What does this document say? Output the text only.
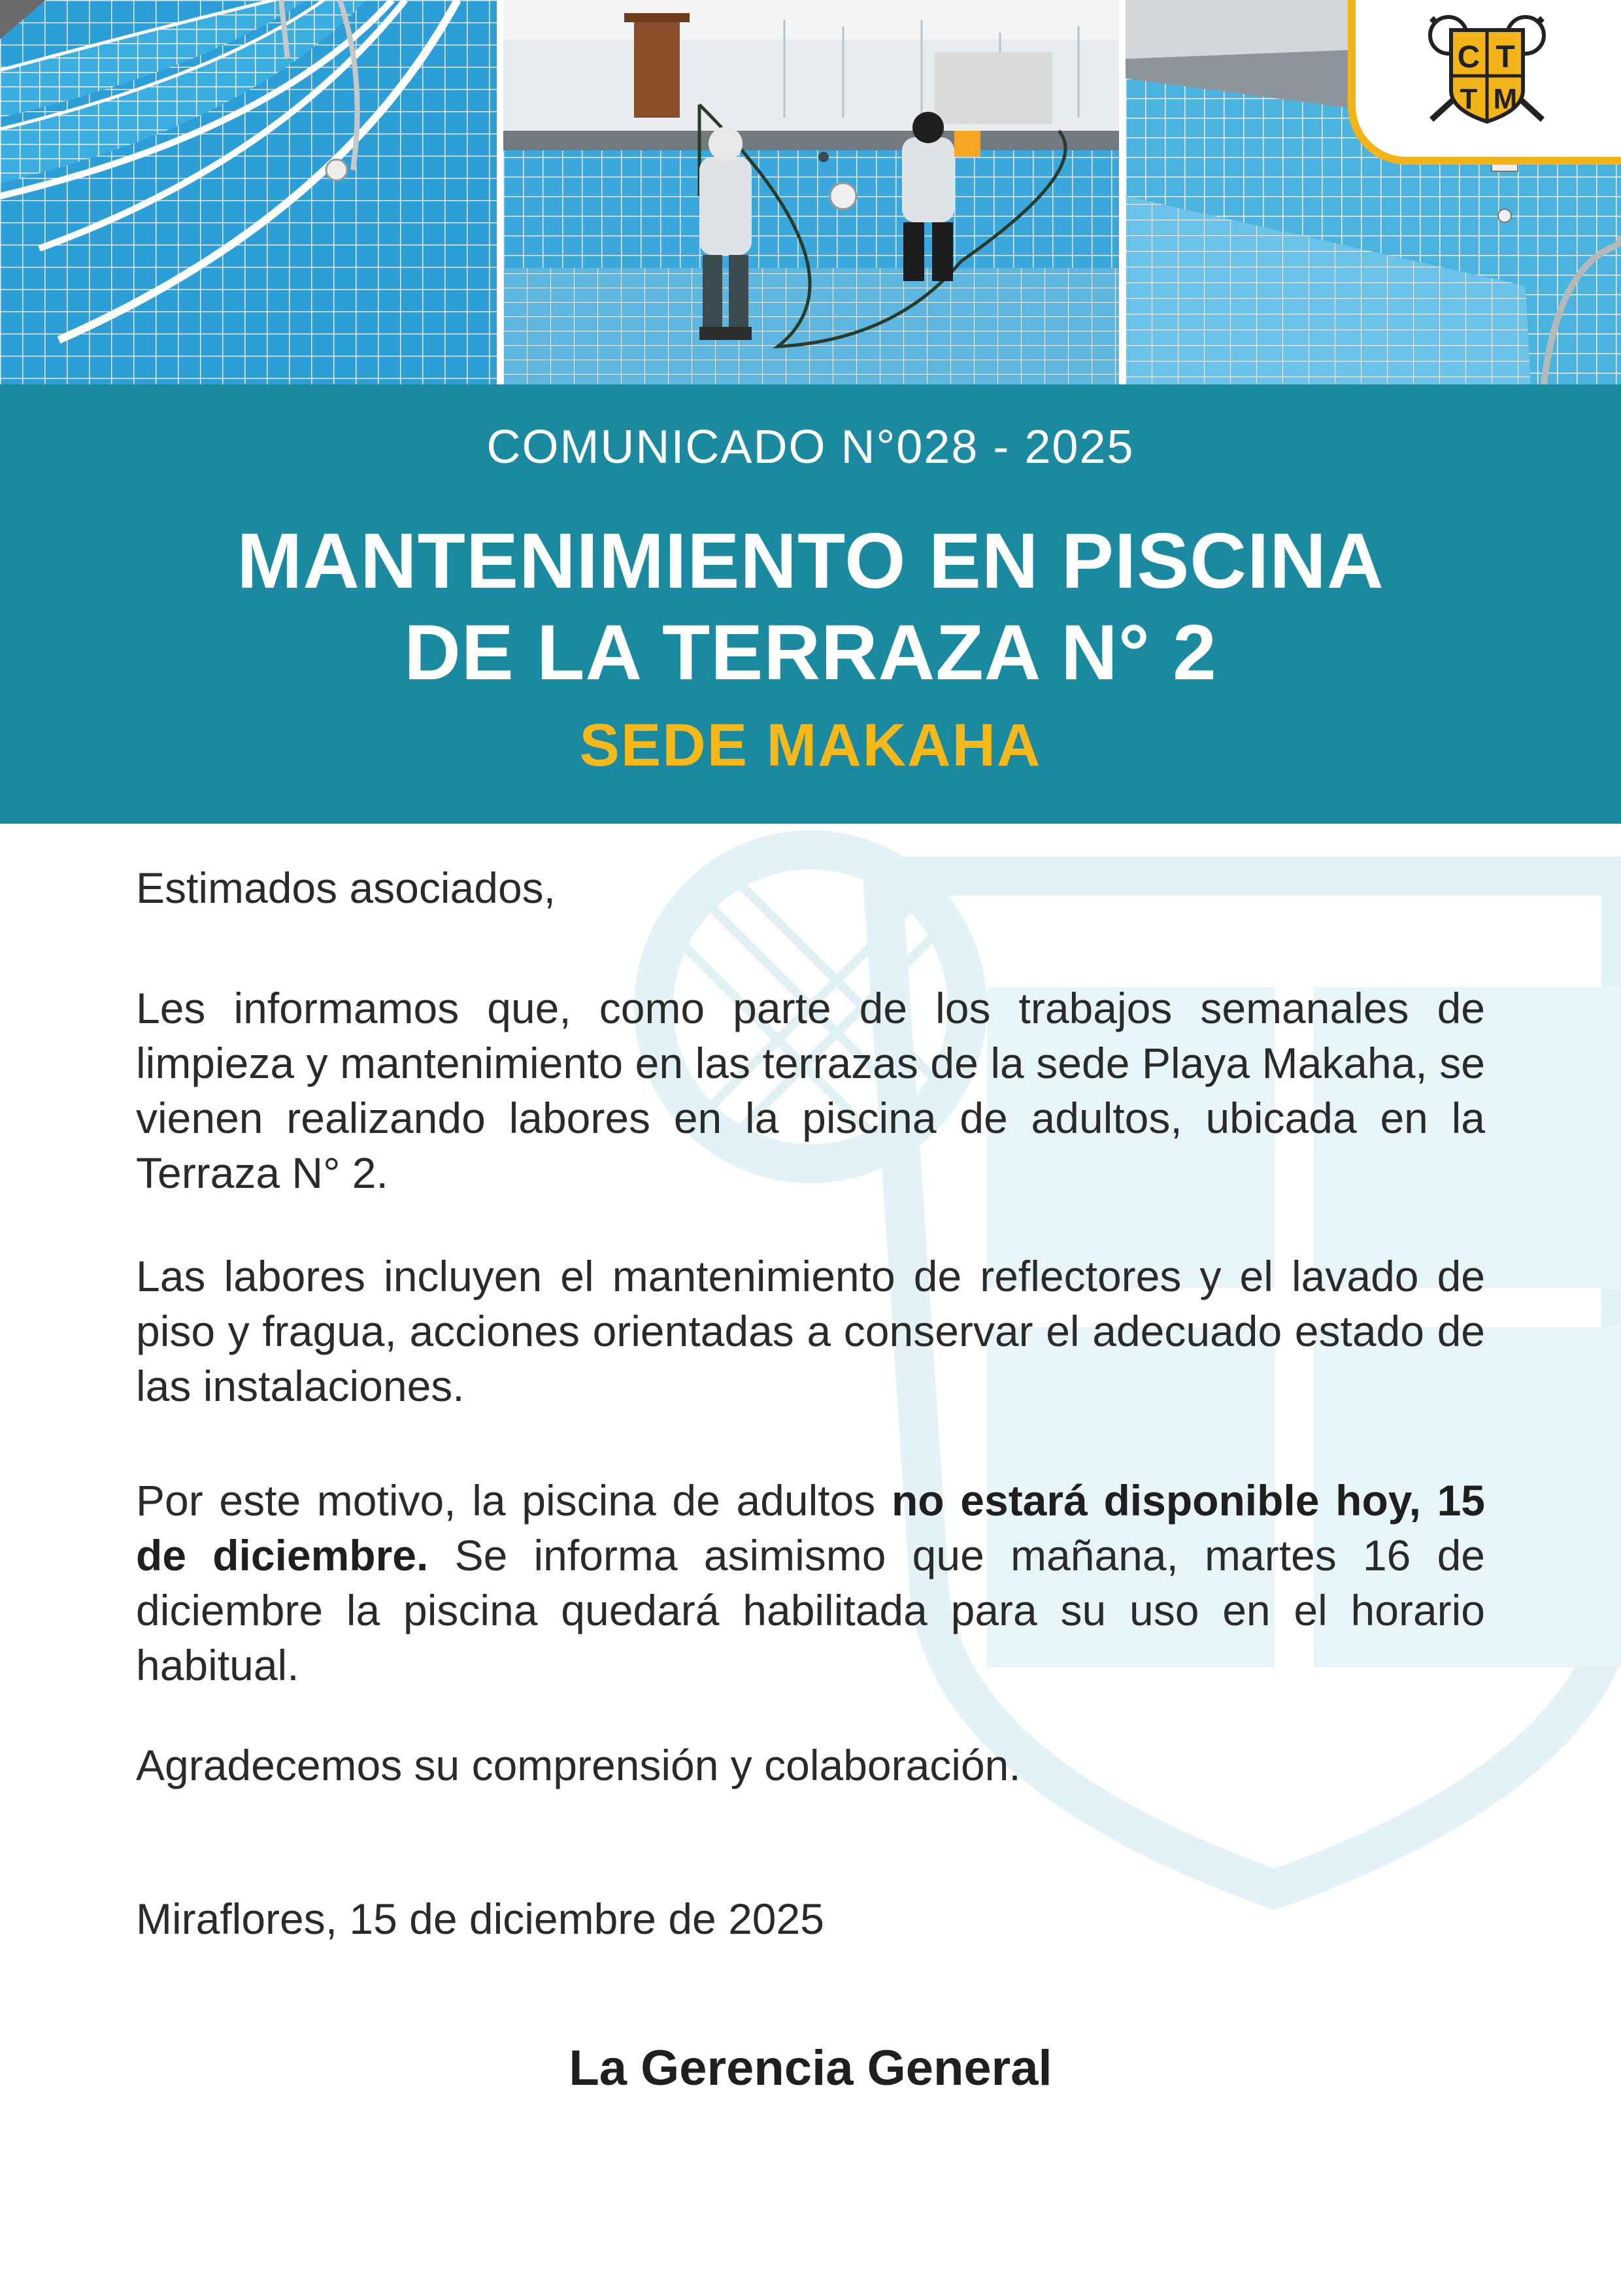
C T
T M
COMUNICADO N°028 - 2025
MANTENIMIENTO EN PISCINA
DE LA TERRAZA N° 2
SEDE MAKAHA
Estimados asociados,
Les informamos que, como parte de los trabajos semanales de limpieza y mantenimiento en las terrazas de la sede Playa Makaha, se vienen realizando labores en la piscina de adultos, ubicada en la Terraza N° 2.
Las labores incluyen el mantenimiento de reflectores y el lavado de piso y fragua, acciones orientadas a conservar el adecuado estado de las instalaciones.
Por este motivo, la piscina de adultos no estará disponible hoy, 15 de diciembre. Se informa asimismo que mañana, martes 16 de diciembre la piscina quedará habilitada para su uso en el horario habitual.
Agradecemos su comprensión y colaboración.
Miraflores, 15 de diciembre de 2025
La Gerencia General
